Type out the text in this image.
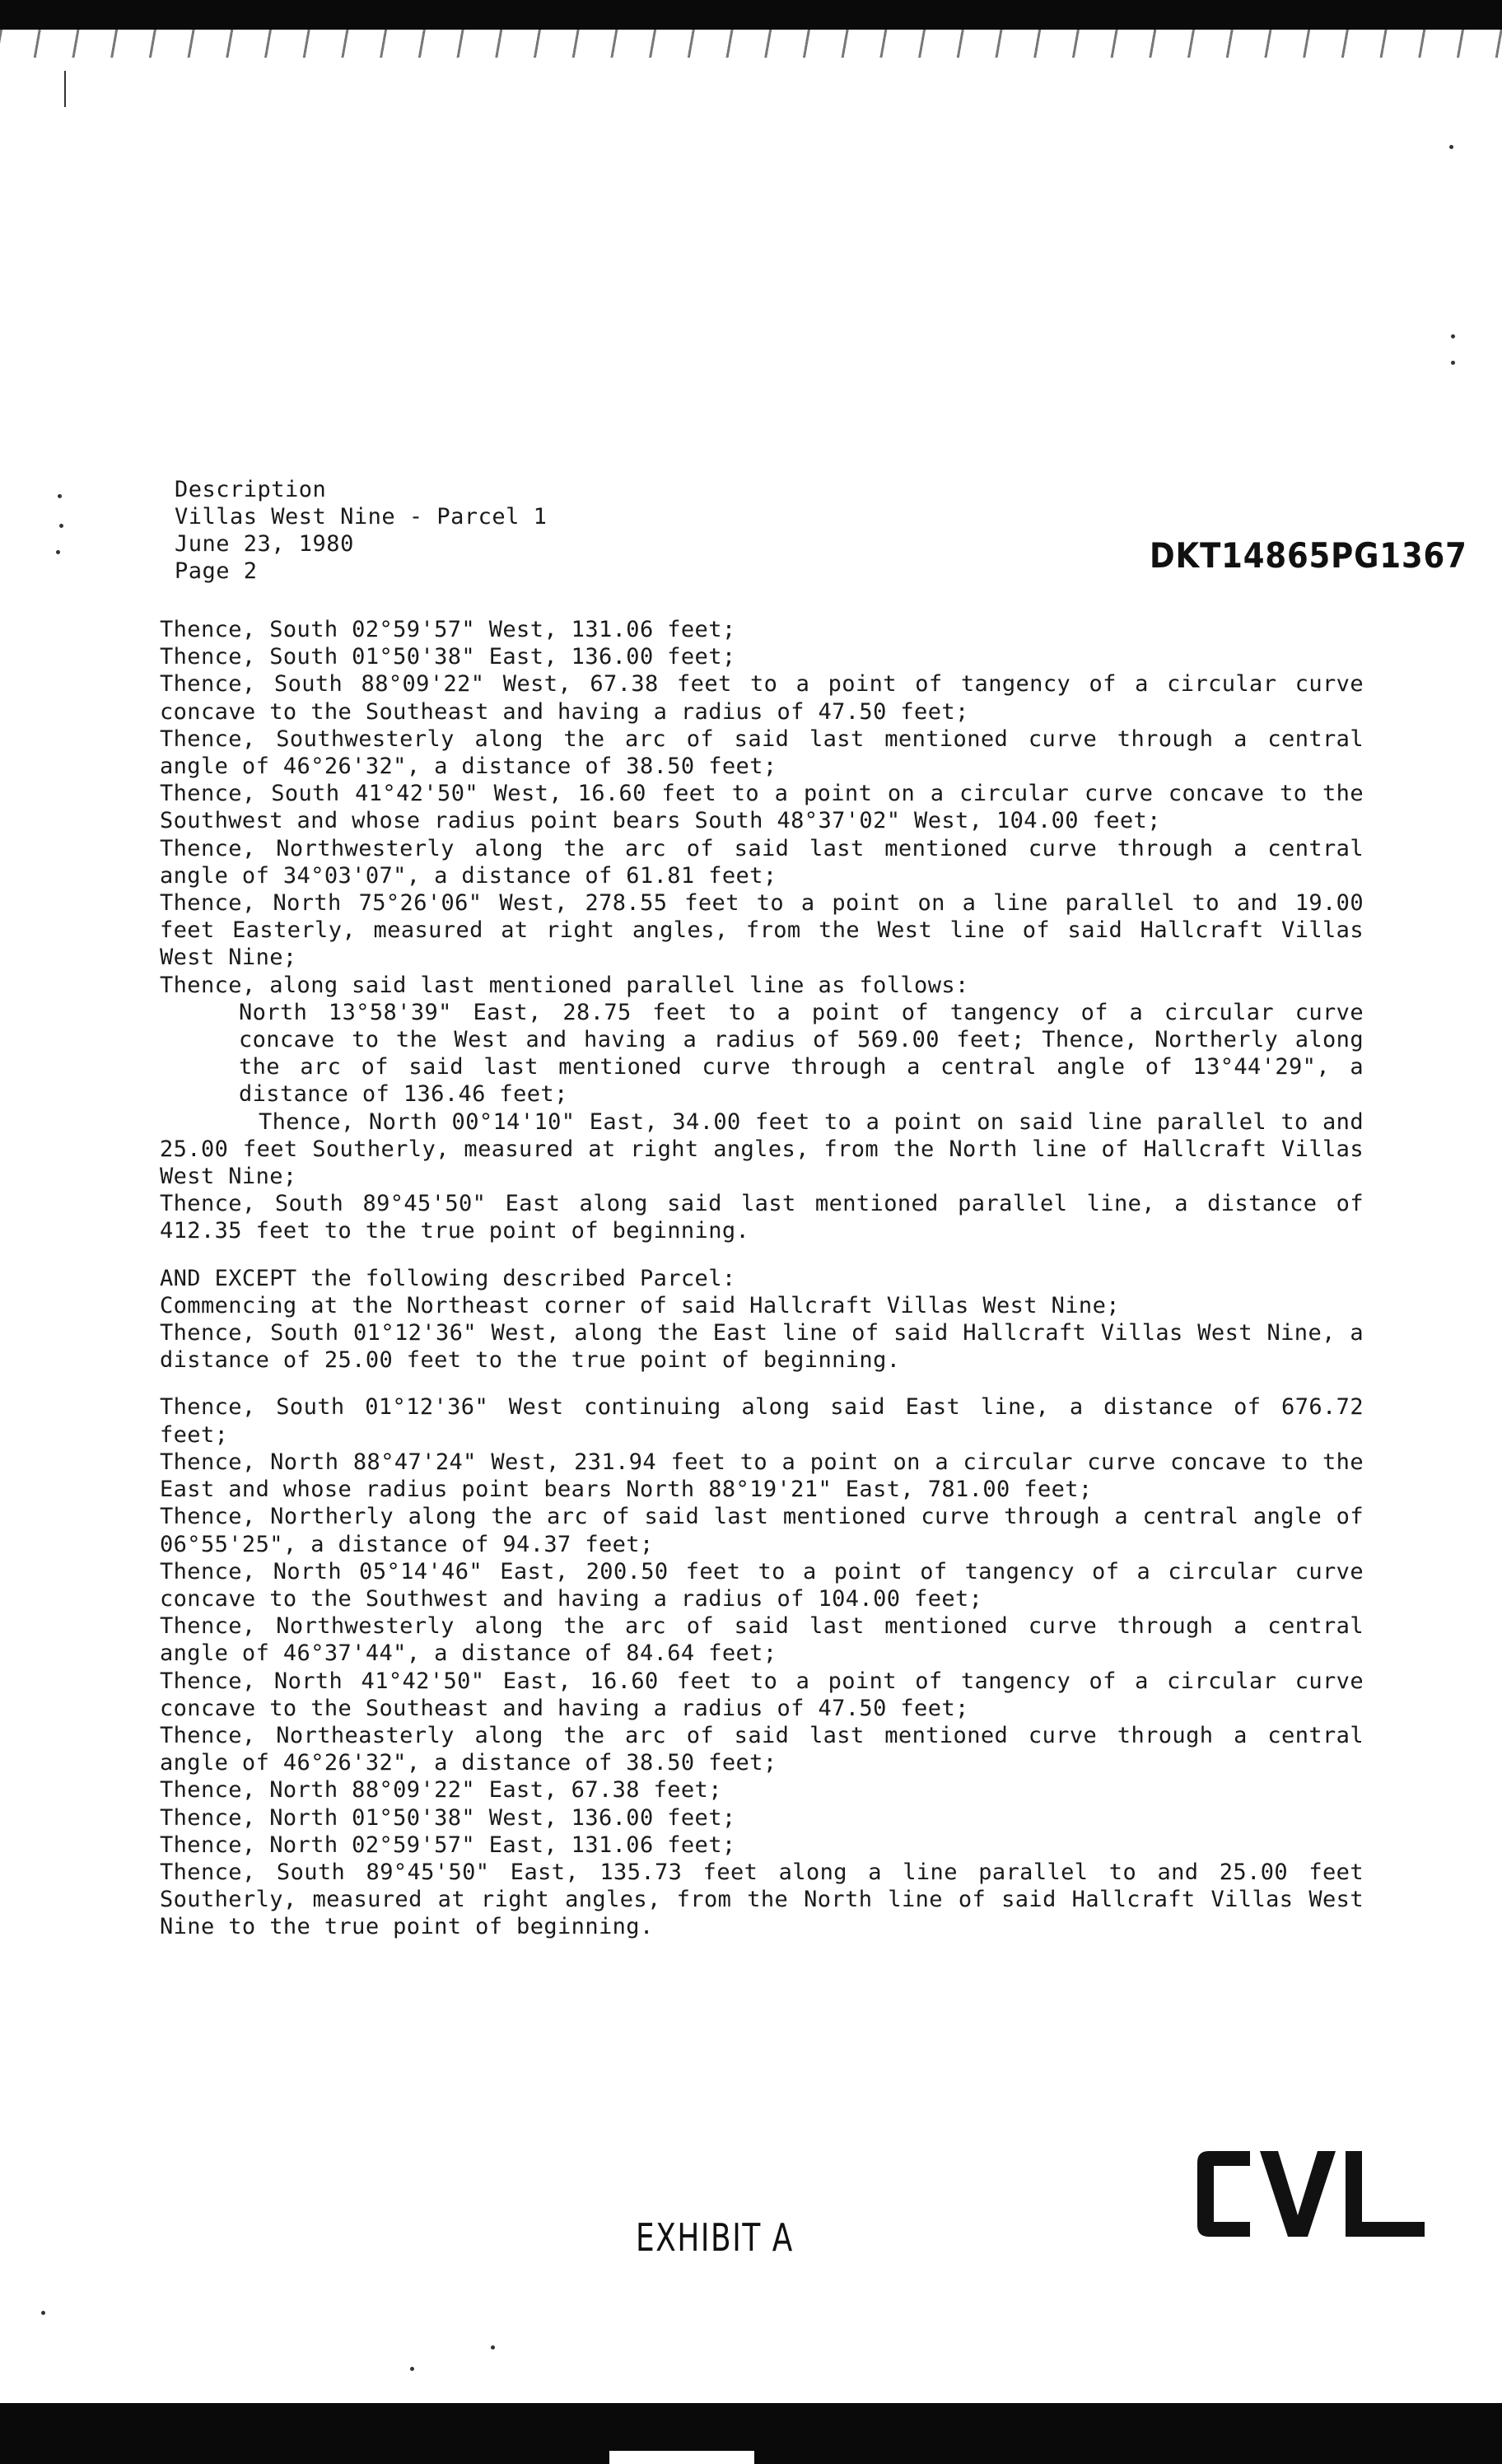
Description
Villas West Nine - Parcel 1
June 23, 1980
Page 2	DKT14865PG1367

Thence, South 02°59'57" West, 131.06 feet;

Thence, South 01°50'38" East, 136.00 feet;

Thence, South 88°09'22" West, 67.38 feet to a point of tangency of a circular curve concave to the Southeast and having a radius of 47.50 feet;

Thence, Southwesterly along the arc of said last mentioned curve through a central angle of 46°26'32", a distance of 38.50 feet;

Thence, South 41°42'50" West, 16.60 feet to a point on a circular curve concave to the Southwest and whose radius point bears South 48°37'02" West, 104.00 feet;

Thence, Northwesterly along the arc of said last mentioned curve through a central angle of 34°03'07", a distance of 61.81 feet;

Thence, North 75°26'06" West, 278.55 feet to a point on a line parallel to and 19.00 feet Easterly, measured at right angles, from the West line of said Hallcraft Villas West Nine;

Thence, along said last mentioned parallel line as follows:

North 13°58'39" East, 28.75 feet to a point of tangency of a circular curve concave to the West and having a radius of 569.00 feet; Thence, Northerly along the arc of said last mentioned curve through a central angle of 13°44'29", a distance of 136.46 feet;

Thence, North 00°14'10" East, 34.00 feet to a point on said line parallel to and 25.00 feet Southerly, measured at right angles, from the North line of Hallcraft Villas West Nine;

Thence, South 89°45'50" East along said last mentioned parallel line, a distance of 412.35 feet to the true point of beginning.

AND EXCEPT the following described Parcel:

Commencing at the Northeast corner of said Hallcraft Villas West Nine;

Thence, South 01°12'36" West, along the East line of said Hallcraft Villas West Nine, a distance of 25.00 feet to the true point of beginning.

Thence, South 01°12'36" West continuing along said East line, a distance of 676.72 feet;

Thence, North 88°47'24" West, 231.94 feet to a point on a circular curve concave to the East and whose radius point bears North 88°19'21" East, 781.00 feet;

Thence, Northerly along the arc of said last mentioned curve through a central angle of 06°55'25", a distance of 94.37 feet;

Thence, North 05°14'46" East, 200.50 feet to a point of tangency of a circular curve concave to the Southwest and having a radius of 104.00 feet;

Thence, Northwesterly along the arc of said last mentioned curve through a central angle of 46°37'44", a distance of 84.64 feet;

Thence, North 41°42'50" East, 16.60 feet to a point of tangency of a circular curve concave to the Southeast and having a radius of 47.50 feet;

Thence, Northeasterly along the arc of said last mentioned curve through a central angle of 46°26'32", a distance of 38.50 feet;

Thence, North 88°09'22" East, 67.38 feet;

Thence, North 01°50'38" West, 136.00 feet;

Thence, North 02°59'57" East, 131.06 feet;

Thence, South 89°45'50" East, 135.73 feet along a line parallel to and 25.00 feet Southerly, measured at right angles, from the North line of said Hallcraft Villas West Nine to the true point of beginning.

EXHIBIT A
